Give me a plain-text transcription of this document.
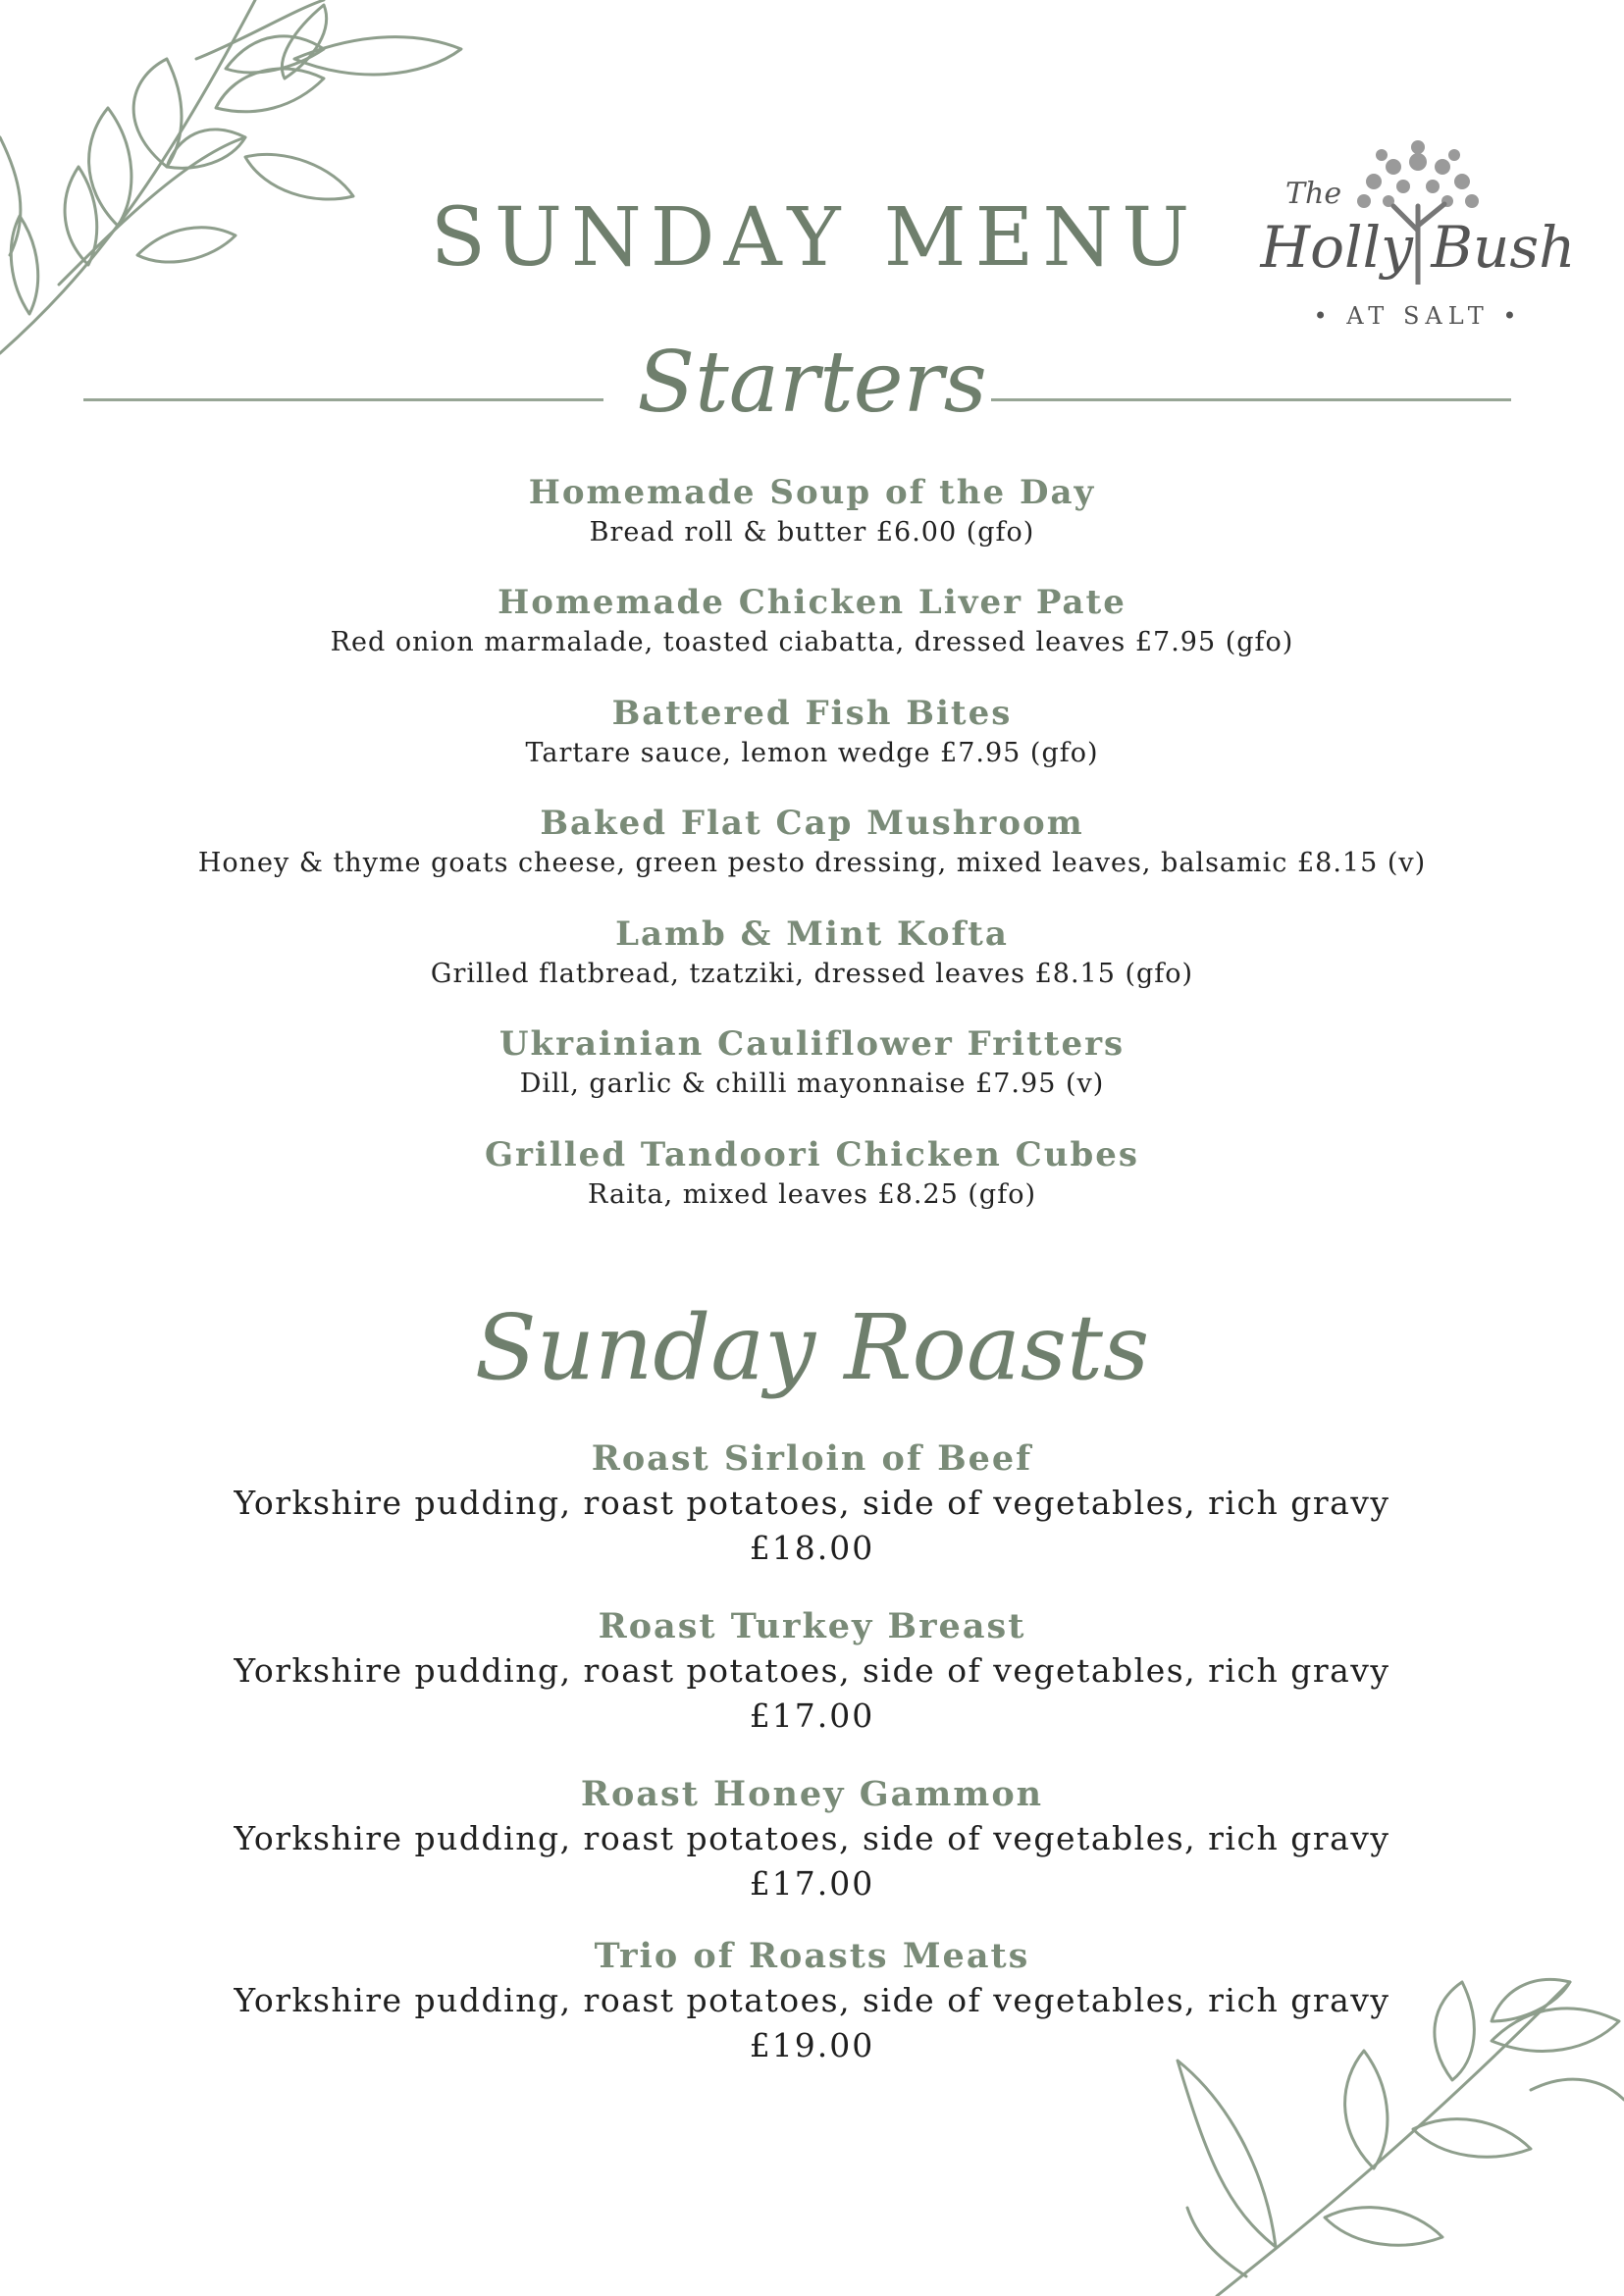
SUNDAY MENU	The
Holly Bush
• AT SALT •
Starters
Homemade Soup of the Day
Bread roll & butter £6.00 (gfo)
Homemade Chicken Liver Pate
Red onion marmalade, toasted ciabatta, dressed leaves £7.95 (gfo)
Battered Fish Bites
Tartare sauce, lemon wedge £7.95 (gfo)
Baked Flat Cap Mushroom
Honey & thyme goats cheese, green pesto dressing, mixed leaves, balsamic £8.15 (v)
Lamb & Mint Kofta
Grilled flatbread, tzatziki, dressed leaves £8.15 (gfo)
Ukrainian Cauliflower Fritters
Dill, garlic & chilli mayonnaise £7.95 (v)
Grilled Tandoori Chicken Cubes
Raita, mixed leaves £8.25 (gfo)
Sunday Roasts
Roast Sirloin of Beef
Yorkshire pudding, roast potatoes, side of vegetables, rich gravy
£18.00
Roast Turkey Breast
Yorkshire pudding, roast potatoes, side of vegetables, rich gravy
£17.00
Roast Honey Gammon
Yorkshire pudding, roast potatoes, side of vegetables, rich gravy
£17.00
Trio of Roasts Meats
Yorkshire pudding, roast potatoes, side of vegetables, rich gravy
£19.00
